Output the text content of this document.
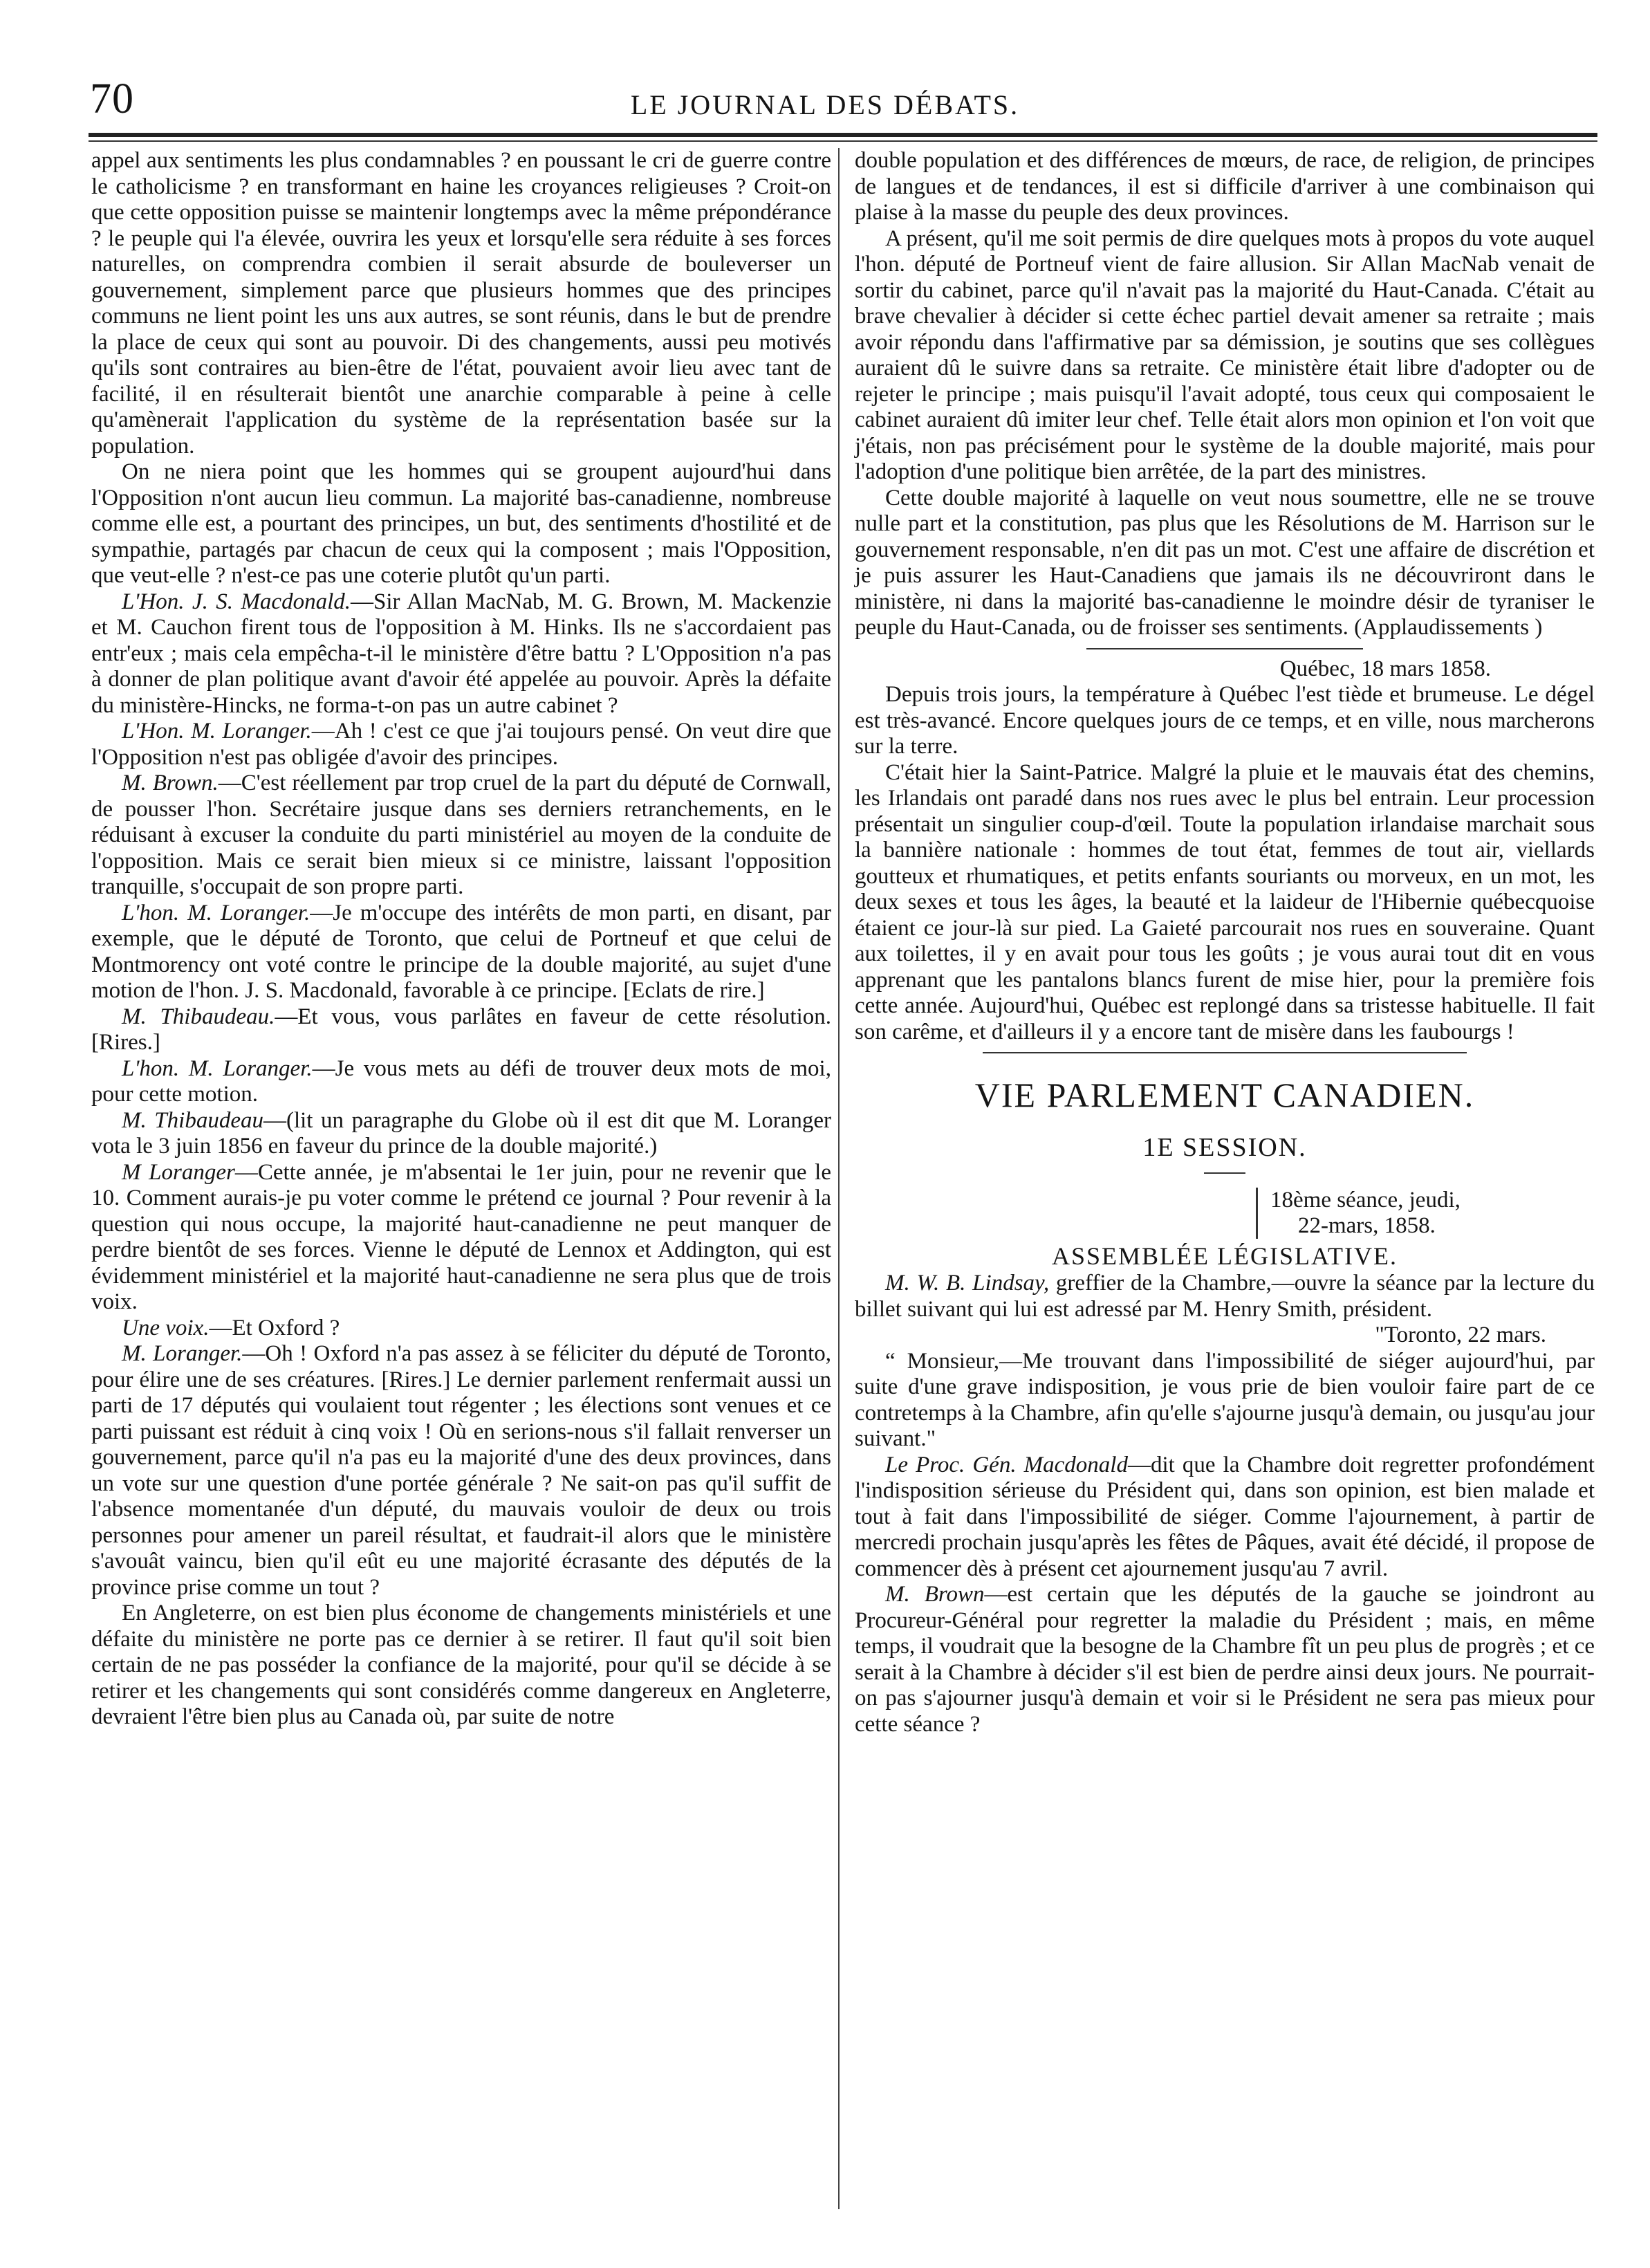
70	LE JOURNAL DES DÉBATS.

appel aux sentiments les plus condamnables ? en poussant le cri de guerre contre le catholicisme ? en transformant en haine les croyances religieuses ? Croit-on que cette opposition puisse se maintenir longtemps avec la même prépondérance ? le peuple qui l'a élevée, ouvrira les yeux et lorsqu'elle sera réduite à ses forces naturelles, on comprendra combien il serait absurde de bouleverser un gouvernement, simplement parce que plusieurs hommes que des principes communs ne lient point les uns aux autres, se sont réunis, dans le but de prendre la place de ceux qui sont au pouvoir. Di des changements, aussi peu motivés qu'ils sont contraires au bien-être de l'état, pouvaient avoir lieu avec tant de facilité, il en résulterait bientôt une anarchie comparable à peine à celle qu'amènerait l'application du système de la représentation basée sur la population.

On ne niera point que les hommes qui se groupent aujourd'hui dans l'Opposition n'ont aucun lieu commun. La majorité bas-canadienne, nombreuse comme elle est, a pourtant des principes, un but, des sentiments d'hostilité et de sympathie, partagés par chacun de ceux qui la composent ; mais l'Opposition, que veut-elle ? n'est-ce pas une coterie plutôt qu'un parti.

L'Hon. J. S. Macdonald.—Sir Allan MacNab, M. G. Brown, M. Mackenzie et M. Cauchon firent tous de l'opposition à M. Hinks. Ils ne s'accordaient pas entr'eux ; mais cela empêcha-t-il le ministère d'être battu ? L'Opposition n'a pas à donner de plan politique avant d'avoir été appelée au pouvoir. Après la défaite du ministère-Hincks, ne forma-t-on pas un autre cabinet ?

L'Hon. M. Loranger.—Ah ! c'est ce que j'ai toujours pensé. On veut dire que l'Opposition n'est pas obligée d'avoir des principes.

M. Brown.—C'est réellement par trop cruel de la part du député de Cornwall, de pousser l'hon. Secrétaire jusque dans ses derniers retranchements, en le réduisant à excuser la conduite du parti ministériel au moyen de la conduite de l'opposition. Mais ce serait bien mieux si ce ministre, laissant l'opposition tranquille, s'occupait de son propre parti.

L'hon. M. Loranger.—Je m'occupe des intérêts de mon parti, en disant, par exemple, que le député de Toronto, que celui de Portneuf et que celui de Montmorency ont voté contre le principe de la double majorité, au sujet d'une motion de l'hon. J. S. Macdonald, favorable à ce principe. [Eclats de rire.]

M. Thibaudeau.—Et vous, vous parlâtes en faveur de cette résolution. [Rires.]

L'hon. M. Loranger.—Je vous mets au défi de trouver deux mots de moi, pour cette motion.

M. Thibaudeau—(lit un paragraphe du Globe où il est dit que M. Loranger vota le 3 juin 1856 en faveur du prince de la double majorité.)

M Loranger—Cette année, je m'absentai le 1er juin, pour ne revenir que le 10. Comment aurais-je pu voter comme le prétend ce journal ? Pour revenir à la question qui nous occupe, la majorité haut-canadienne ne peut manquer de perdre bientôt de ses forces. Vienne le député de Lennox et Addington, qui est évidemment ministériel et la majorité haut-canadienne ne sera plus que de trois voix.

Une voix.—Et Oxford ?

M. Loranger.—Oh ! Oxford n'a pas assez à se féliciter du député de Toronto, pour élire une de ses créatures. [Rires.] Le dernier parlement renfermait aussi un parti de 17 députés qui voulaient tout régenter ; les élections sont venues et ce parti puissant est réduit à cinq voix ! Où en serions-nous s'il fallait renverser un gouvernement, parce qu'il n'a pas eu la majorité d'une des deux provinces, dans un vote sur une question d'une portée générale ? Ne sait-on pas qu'il suffit de l'absence momentanée d'un député, du mauvais vouloir de deux ou trois personnes pour amener un pareil résultat, et faudrait-il alors que le ministère s'avouât vaincu, bien qu'il eût eu une majorité écrasante des députés de la province prise comme un tout ?

En Angleterre, on est bien plus économe de changements ministériels et une défaite du ministère ne porte pas ce dernier à se retirer. Il faut qu'il soit bien certain de ne pas posséder la confiance de la majorité, pour qu'il se décide à se retirer et les changements qui sont considérés comme dangereux en Angleterre, devraient l'être bien plus au Canada où, par suite de notre

double population et des différences de mœurs, de race, de religion, de principes de langues et de tendances, il est si difficile d'arriver à une combinaison qui plaise à la masse du peuple des deux provinces.

A présent, qu'il me soit permis de dire quelques mots à propos du vote auquel l'hon. député de Portneuf vient de faire allusion. Sir Allan MacNab venait de sortir du cabinet, parce qu'il n'avait pas la majorité du Haut-Canada. C'était au brave chevalier à décider si cette échec partiel devait amener sa retraite ; mais avoir répondu dans l'affirmative par sa démission, je soutins que ses collègues auraient dû le suivre dans sa retraite. Ce ministère était libre d'adopter ou de rejeter le principe ; mais puisqu'il l'avait adopté, tous ceux qui composaient le cabinet auraient dû imiter leur chef. Telle était alors mon opinion et l'on voit que j'étais, non pas précisément pour le système de la double majorité, mais pour l'adoption d'une politique bien arrêtée, de la part des ministres.

Cette double majorité à laquelle on veut nous soumettre, elle ne se trouve nulle part et la constitution, pas plus que les Résolutions de M. Harrison sur le gouvernement responsable, n'en dit pas un mot. C'est une affaire de discrétion et je puis assurer les Haut-Canadiens que jamais ils ne découvriront dans le ministère, ni dans la majorité bas-canadienne le moindre désir de tyraniser le peuple du Haut-Canada, ou de froisser ses sentiments. (Applaudissements )

Québec, 18 mars 1858.

Depuis trois jours, la température à Québec l'est tiède et brumeuse. Le dégel est très-avancé. Encore quelques jours de ce temps, et en ville, nous marcherons sur la terre.

C'était hier la Saint-Patrice. Malgré la pluie et le mauvais état des chemins, les Irlandais ont paradé dans nos rues avec le plus bel entrain. Leur procession présentait un singulier coup-d'œil. Toute la population irlandaise marchait sous la bannière nationale : hommes de tout état, femmes de tout air, viellards goutteux et rhumatiques, et petits enfants souriants ou morveux, en un mot, les deux sexes et tous les âges, la beauté et la laideur de l'Hibernie québecquoise étaient ce jour-là sur pied. La Gaieté parcourait nos rues en souveraine. Quant aux toilettes, il y en avait pour tous les goûts ; je vous aurai tout dit en vous apprenant que les pantalons blancs furent de mise hier, pour la première fois cette année. Aujourd'hui, Québec est replongé dans sa tristesse habituelle. Il fait son carême, et d'ailleurs il y a encore tant de misère dans les faubourgs !

VIE PARLEMENT CANADIEN.
1E SESSION.
18ème séance, jeudi,
22-mars, 1858.
ASSEMBLÉE LÉGISLATIVE.

M. W. B. Lindsay, greffier de la Chambre,—ouvre la séance par la lecture du billet suivant qui lui est adressé par M. Henry Smith, président.

"Toronto, 22 mars.

“ Monsieur,—Me trouvant dans l'impossibilité de siéger aujourd'hui, par suite d'une grave indisposition, je vous prie de bien vouloir faire part de ce contretemps à la Chambre, afin qu'elle s'ajourne jusqu'à demain, ou jusqu'au jour suivant."

Le Proc. Gén. Macdonald—dit que la Chambre doit regretter profondément l'indisposition sérieuse du Président qui, dans son opinion, est bien malade et tout à fait dans l'impossibilité de siéger. Comme l'ajournement, à partir de mercredi prochain jusqu'après les fêtes de Pâques, avait été décidé, il propose de commencer dès à présent cet ajournement jusqu'au 7 avril.

M. Brown—est certain que les députés de la gauche se joindront au Procureur-Général pour regretter la maladie du Président ; mais, en même temps, il voudrait que la besogne de la Chambre fît un peu plus de progrès ; et ce serait à la Chambre à décider s'il est bien de perdre ainsi deux jours. Ne pourrait-on pas s'ajourner jusqu'à demain et voir si le Président ne sera pas mieux pour cette séance ?
